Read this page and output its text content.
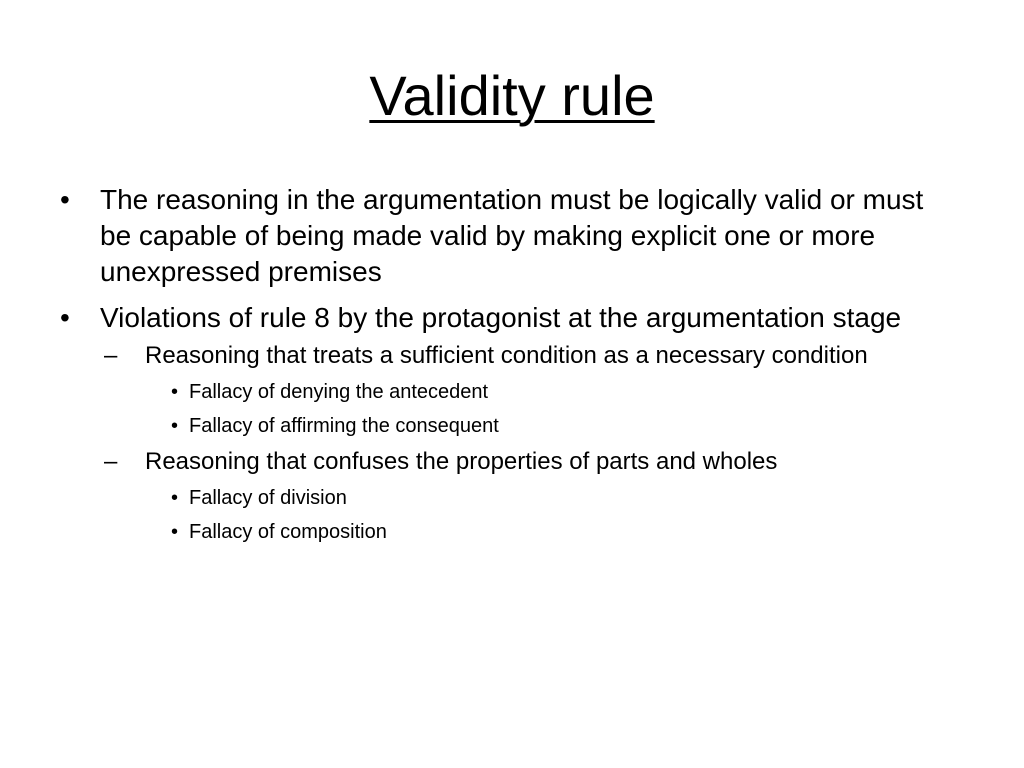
Validity rule
•	The reasoning in the argumentation must be logically valid or must be capable of being made valid by making explicit one or more unexpressed premises
•	Violations of rule 8 by the protagonist at the argumentation stage
–	Reasoning that treats a sufficient condition as a necessary condition
• Fallacy of denying the antecedent
• Fallacy of affirming the consequent
–	Reasoning that confuses the properties of parts and wholes
• Fallacy of division
• Fallacy of composition
